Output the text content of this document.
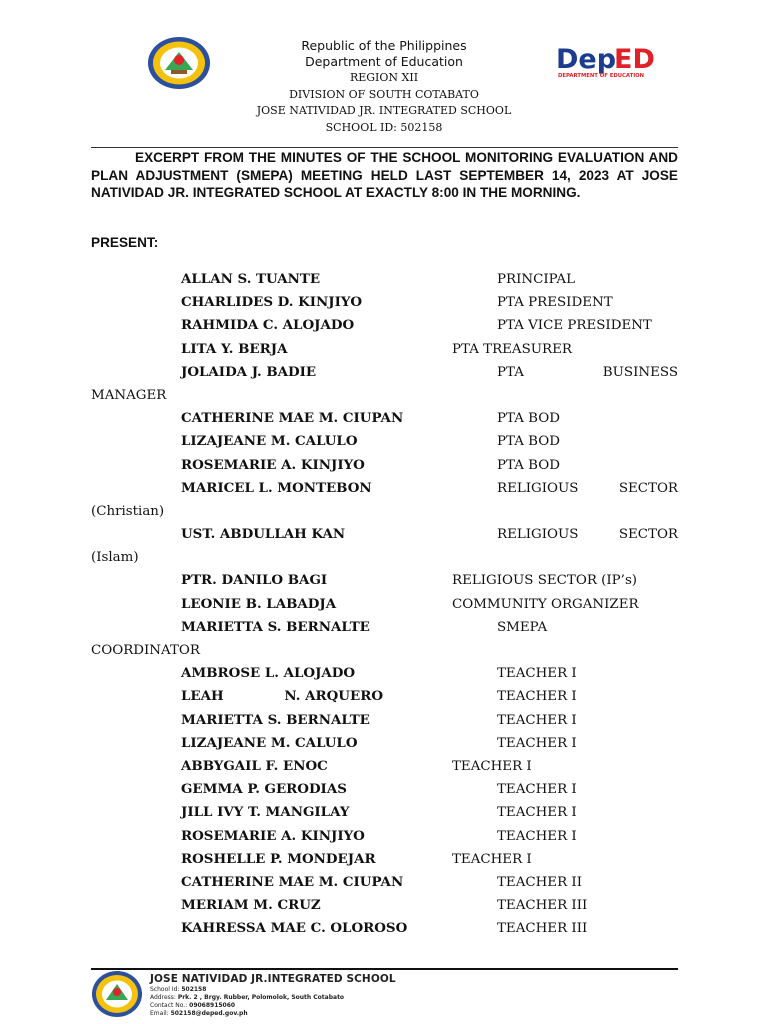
Republic of the Philippines
Department of Education
REGION XII
DIVISION OF SOUTH COTABATO
JOSE NATIVIDAD JR. INTEGRATED SCHOOL
SCHOOL ID: 502158
Dep
ED
DEPARTMENT OF EDUCATION
EXCERPT FROM THE MINUTES OF THE SCHOOL MONITORING EVALUATION AND PLAN ADJUSTMENT (SMEPA) MEETING HELD LAST SEPTEMBER 14, 2023 AT JOSE NATIVIDAD JR. INTEGRATED SCHOOL AT EXACTLY 8:00 IN THE MORNING.
PRESENT:
ALLAN S. TUANTE	PRINCIPAL
CHARLIDES D. KINJIYO	PTA PRESIDENT
RAHMIDA C. ALOJADO	PTA VICE PRESIDENT
LITA Y. BERJA	PTA TREASURER
JOLAIDA J. BADIE	PTA	BUSINESS
MANAGER
CATHERINE MAE M. CIUPAN	PTA BOD
LIZAJEANE M. CALULO	PTA BOD
ROSEMARIE A. KINJIYO	PTA BOD
MARICEL L. MONTEBON	RELIGIOUS	SECTOR
(Christian)
UST. ABDULLAH KAN	RELIGIOUS	SECTOR
(Islam)
PTR. DANILO BAGI	RELIGIOUS SECTOR (IP’s)
LEONIE B. LABADJA	COMMUNITY ORGANIZER
MARIETTA S. BERNALTE	SMEPA
COORDINATOR
AMBROSE L. ALOJADO	TEACHER I
LEAH	N. ARQUERO	TEACHER I
MARIETTA S. BERNALTE	TEACHER I
LIZAJEANE M. CALULO	TEACHER I
ABBYGAIL F. ENOC	TEACHER I
GEMMA P. GERODIAS	TEACHER I
JILL IVY T. MANGILAY	TEACHER I
ROSEMARIE A. KINJIYO	TEACHER I
ROSHELLE P. MONDEJAR	TEACHER I
CATHERINE MAE M. CIUPAN	TEACHER II
MERIAM M. CRUZ	TEACHER III
KAHRESSA MAE C. OLOROSO	TEACHER III
JOSE NATIVIDAD JR.INTEGRATED SCHOOL
School Id: 502158
Address: Prk. 2 , Brgy. Rubber, Polomolok, South Cotabato
Contact No.: 09068915060
Email: 502158@deped.gov.ph
